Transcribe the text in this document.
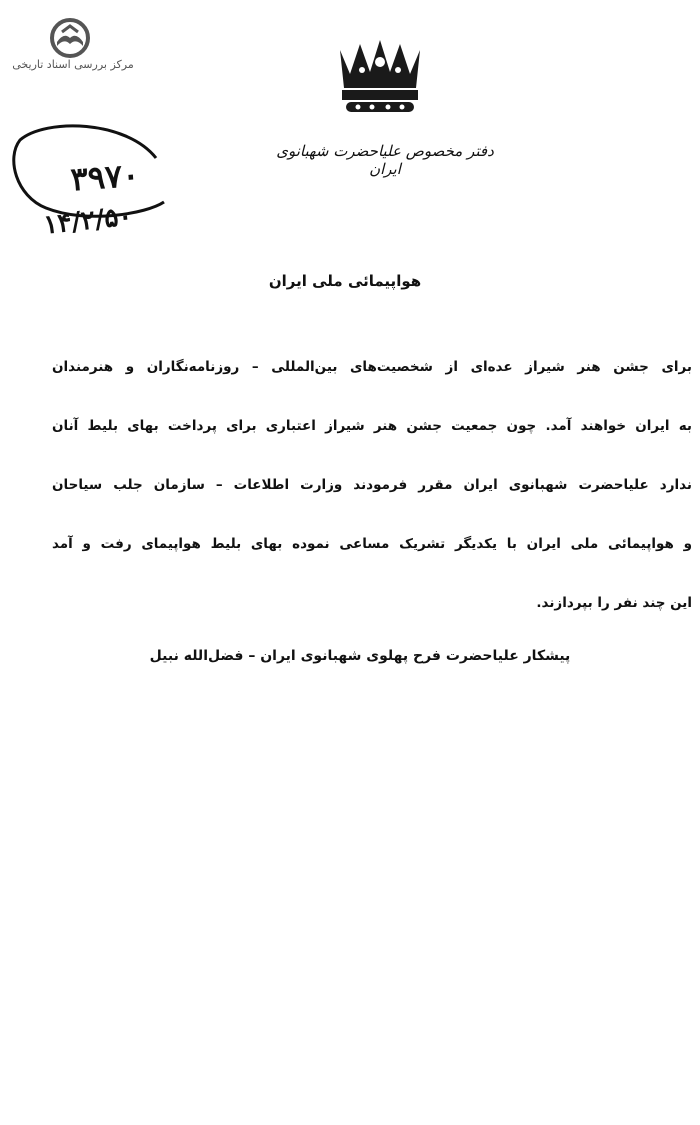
مرکز بررسی اسناد تاریخی
دفتر مخصوص علیاحضرت شهبانوی ایران
۳۹۷۰
۱۴/۲/۵۰
هواپیمائی ملی ایران
برای جشن هنر شیراز عده‌ای از شخصیت‌های بین‌المللی – روزنامه‌نگاران و هنرمندان
به ایران خواهند آمد. چون جمعیت جشن هنر شیراز اعتباری برای پرداخت بهای بلیط آنان
ندارد علیاحضرت شهبانوی ایران مقرر فرمودند وزارت اطلاعات – سازمان جلب سیاحان
و هواپیمائی ملی ایران با یکدیگر تشریک مساعی نموده بهای بلیط هواپیمای رفت و آمد
این چند نفر را بپردازند.
پیشکار علیاحضرت فرح پهلوی شهبانوی ایران – فضل‌الله نبیل
